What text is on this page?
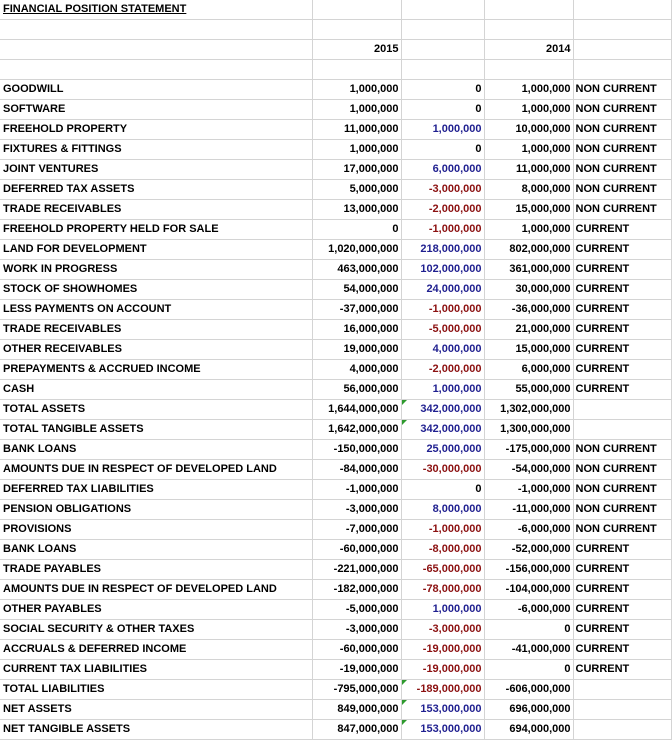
FINANCIAL POSITION STATEMENT				

	2015		2014	

GOODWILL	1,000,000	0	1,000,000	NON CURRENT
SOFTWARE	1,000,000	0	1,000,000	NON CURRENT
FREEHOLD PROPERTY	11,000,000	1,000,000	10,000,000	NON CURRENT
FIXTURES & FITTINGS	1,000,000	0	1,000,000	NON CURRENT
JOINT VENTURES	17,000,000	6,000,000	11,000,000	NON CURRENT
DEFERRED TAX ASSETS	5,000,000	-3,000,000	8,000,000	NON CURRENT
TRADE RECEIVABLES	13,000,000	-2,000,000	15,000,000	NON CURRENT
FREEHOLD PROPERTY HELD FOR SALE	0	-1,000,000	1,000,000	CURRENT
LAND FOR DEVELOPMENT	1,020,000,000	218,000,000	802,000,000	CURRENT
WORK IN PROGRESS	463,000,000	102,000,000	361,000,000	CURRENT
STOCK OF SHOWHOMES	54,000,000	24,000,000	30,000,000	CURRENT
LESS PAYMENTS ON ACCOUNT	-37,000,000	-1,000,000	-36,000,000	CURRENT
TRADE RECEIVABLES	16,000,000	-5,000,000	21,000,000	CURRENT
OTHER RECEIVABLES	19,000,000	4,000,000	15,000,000	CURRENT
PREPAYMENTS & ACCRUED INCOME	4,000,000	-2,000,000	6,000,000	CURRENT
CASH	56,000,000	1,000,000	55,000,000	CURRENT
TOTAL ASSETS	1,644,000,000	342,000,000	1,302,000,000	
TOTAL TANGIBLE ASSETS	1,642,000,000	342,000,000	1,300,000,000	
BANK LOANS	-150,000,000	25,000,000	-175,000,000	NON CURRENT
AMOUNTS DUE IN RESPECT OF DEVELOPED LAND	-84,000,000	-30,000,000	-54,000,000	NON CURRENT
DEFERRED TAX LIABILITIES	-1,000,000	0	-1,000,000	NON CURRENT
PENSION OBLIGATIONS	-3,000,000	8,000,000	-11,000,000	NON CURRENT
PROVISIONS	-7,000,000	-1,000,000	-6,000,000	NON CURRENT
BANK LOANS	-60,000,000	-8,000,000	-52,000,000	CURRENT
TRADE PAYABLES	-221,000,000	-65,000,000	-156,000,000	CURRENT
AMOUNTS DUE IN RESPECT OF DEVELOPED LAND	-182,000,000	-78,000,000	-104,000,000	CURRENT
OTHER PAYABLES	-5,000,000	1,000,000	-6,000,000	CURRENT
SOCIAL SECURITY & OTHER TAXES	-3,000,000	-3,000,000	0	CURRENT
ACCRUALS & DEFERRED INCOME	-60,000,000	-19,000,000	-41,000,000	CURRENT
CURRENT TAX LIABILITIES	-19,000,000	-19,000,000	0	CURRENT
TOTAL LIABILITIES	-795,000,000	-189,000,000	-606,000,000	
NET ASSETS	849,000,000	153,000,000	696,000,000	
NET TANGIBLE ASSETS	847,000,000	153,000,000	694,000,000	
